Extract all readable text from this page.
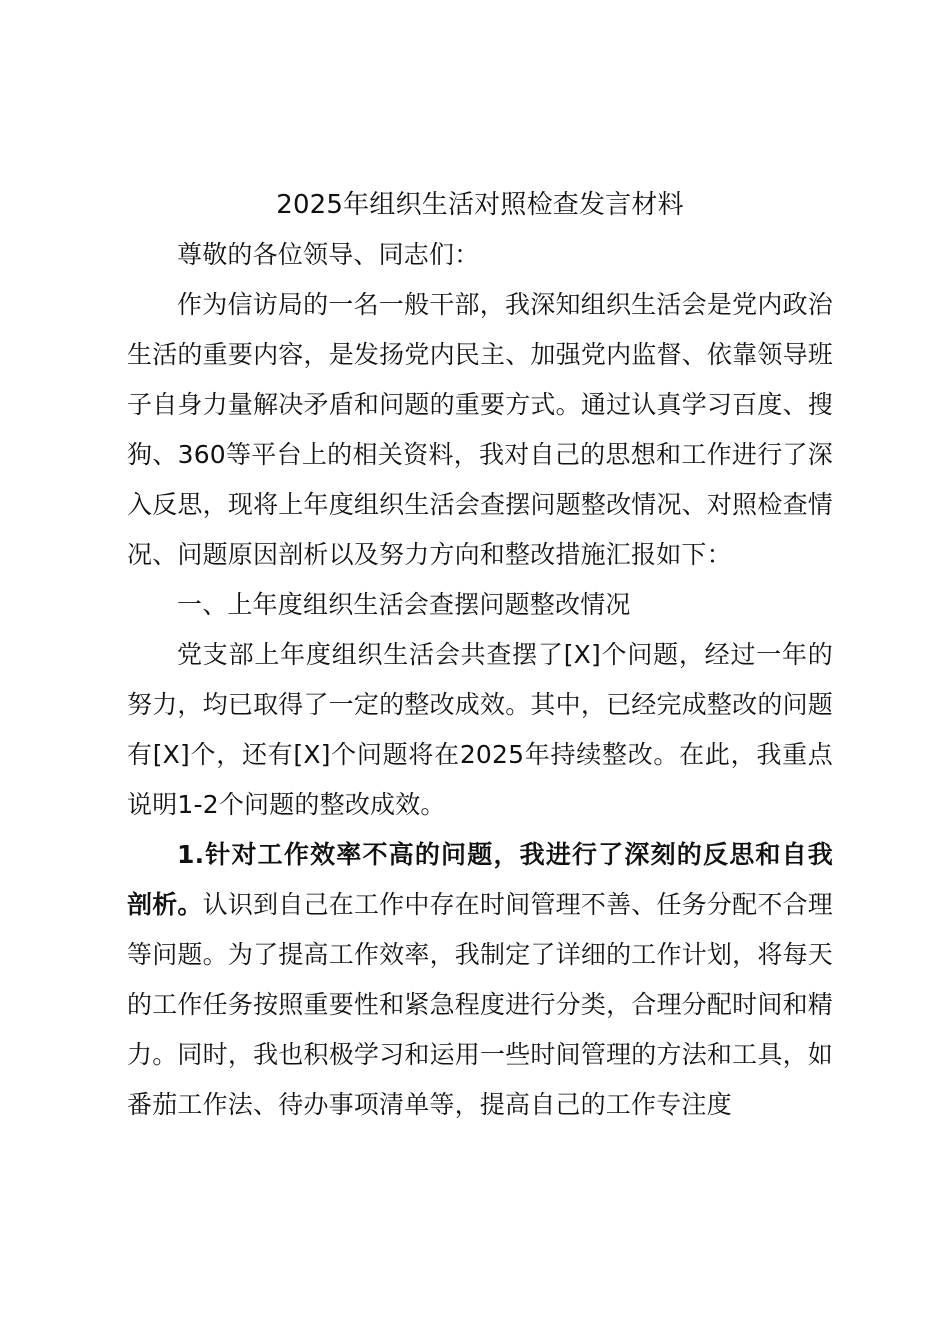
2025年组织生活对照检查发言材料

尊敬的各位领导、同志们：

作为信访局的一名一般干部，我深知组织生活会是党内政治生活的重要内容，是发扬党内民主、加强党内监督、依靠领导班子自身力量解决矛盾和问题的重要方式。通过认真学习百度、搜狗、360等平台上的相关资料，我对自己的思想和工作进行了深入反思，现将上年度组织生活会查摆问题整改情况、对照检查情况、问题原因剖析以及努力方向和整改措施汇报如下：

一、上年度组织生活会查摆问题整改情况

党支部上年度组织生活会共查摆了[X]个问题，经过一年的努力，均已取得了一定的整改成效。其中，已经完成整改的问题有[X]个，还有[X]个问题将在2025年持续整改。在此，我重点说明1-2个问题的整改成效。

1.针对工作效率不高的问题，我进行了深刻的反思和自我剖析。认识到自己在工作中存在时间管理不善、任务分配不合理等问题。为了提高工作效率，我制定了详细的工作计划，将每天的工作任务按照重要性和紧急程度进行分类，合理分配时间和精力。同时，我也积极学习和运用一些时间管理的方法和工具，如番茄工作法、待办事项清单等，提高自己的工作专注度
